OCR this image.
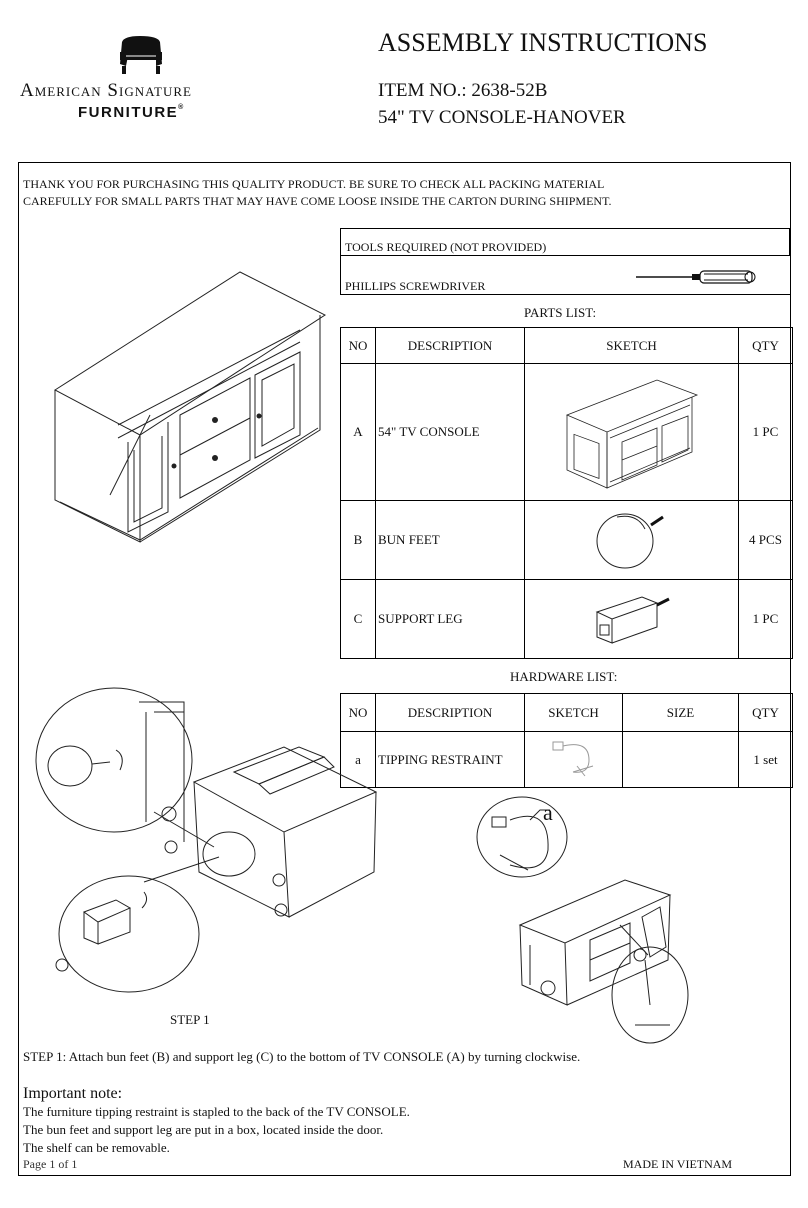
American Signature
FURNITURE®
ASSEMBLY INSTRUCTIONS
ITEM NO.: 2638-52B
54" TV CONSOLE-HANOVER
THANK YOU FOR PURCHASING THIS QUALITY PRODUCT. BE SURE TO CHECK ALL PACKING MATERIAL
CAREFULLY FOR SMALL PARTS THAT MAY HAVE COME LOOSE INSIDE THE CARTON DURING SHIPMENT.
TOOLS REQUIRED (NOT PROVIDED)
PHILLIPS SCREWDRIVER
PARTS LIST:
NO	DESCRIPTION	SKETCH	QTY
A	54" TV CONSOLE		1 PC
B	BUN FEET		4 PCS
C	SUPPORT LEG		1 PC
HARDWARE LIST:
NO	DESCRIPTION	SKETCH	SIZE	QTY
a	TIPPING RESTRAINT			1 set
a
STEP 1
STEP 1: Attach bun feet (B) and support leg (C) to the bottom of TV CONSOLE (A) by turning clockwise.
Important note:
The furniture tipping restraint is stapled to the back of the TV CONSOLE.
The bun feet and support leg are put in a box, located inside the door.
The shelf can be removable.
Page 1 of 1	MADE IN VIETNAM
